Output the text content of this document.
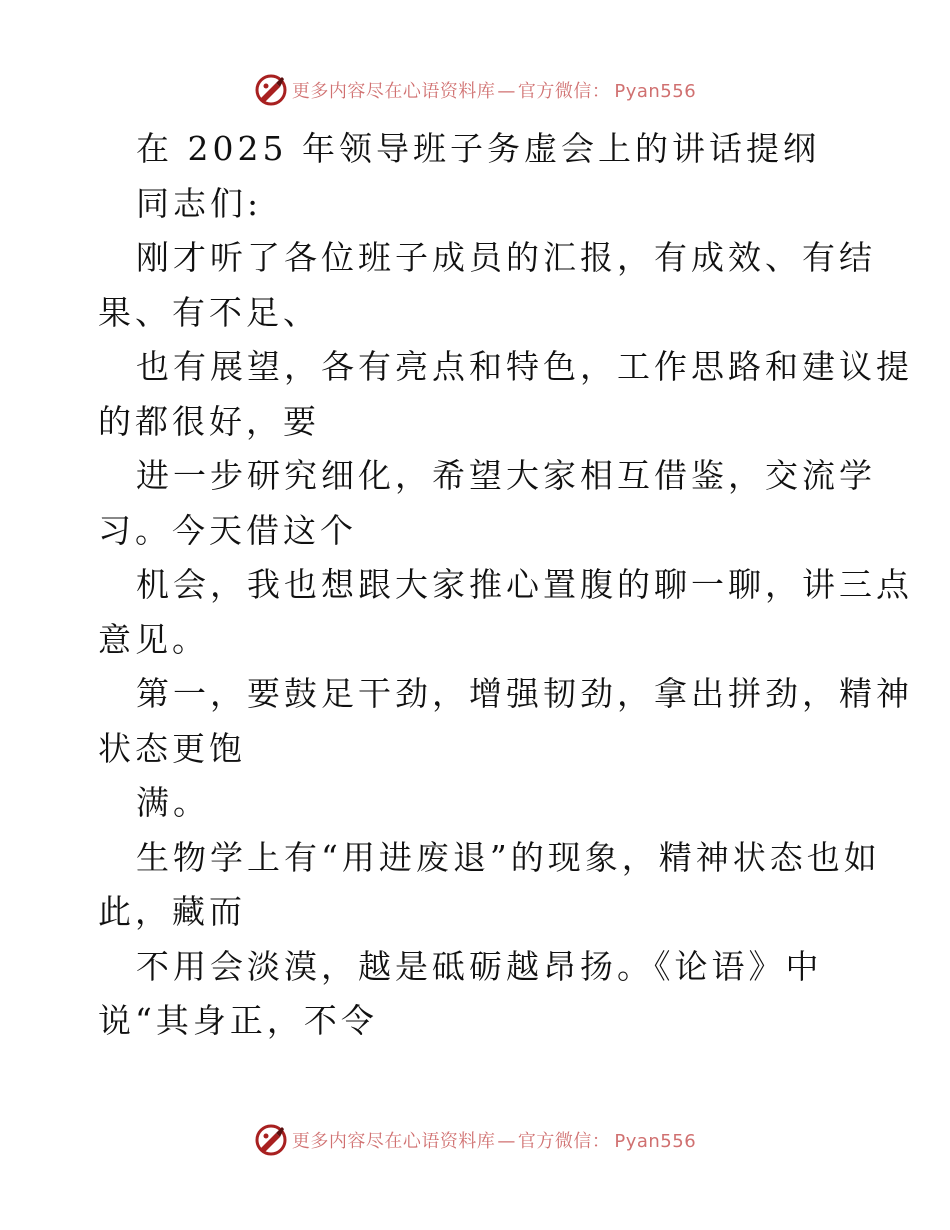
更多内容尽在心语资料库 — 官方微信： Pyan556

在 2025 年领导班子务虚会上的讲话提纲

同志们:

刚才听了各位班子成员的汇报，有成效、有结

果、有不足、

也有展望，各有亮点和特色，工作思路和建议提

的都很好，要

进一步研究细化，希望大家相互借鉴，交流学

习。今天借这个

机会，我也想跟大家推心置腹的聊一聊，讲三点

意见。

第一，要鼓足干劲，增强韧劲，拿出拼劲，精神

状态更饱

满。

生物学上有“用进废退”的现象，精神状态也如

此，藏而

不用会淡漠，越是砥砺越昂扬。《论语》中

说“其身正，不令

更多内容尽在心语资料库 — 官方微信： Pyan556
